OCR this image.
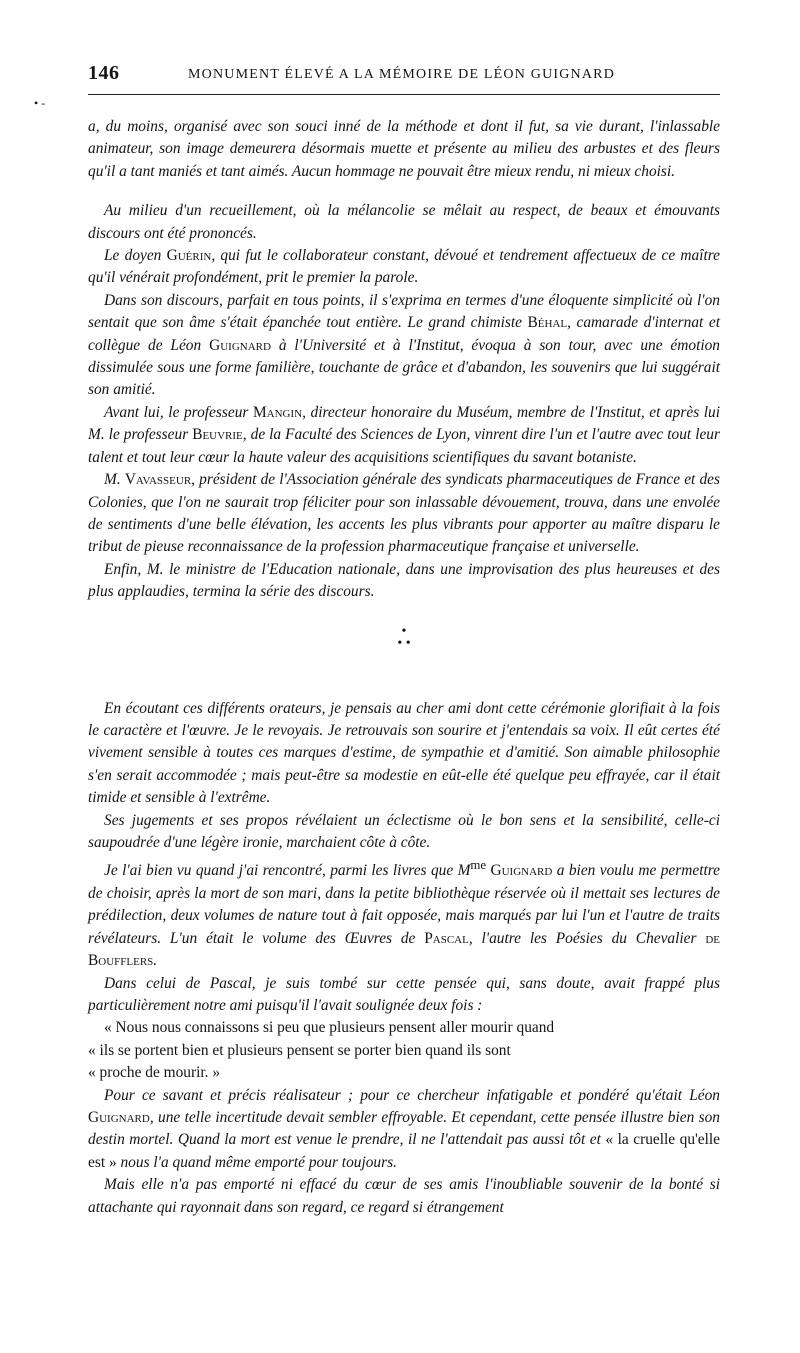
146	MONUMENT ÉLEVÉ A LA MÉMOIRE DE LÉON GUIGNARD
• -

a, du moins, organisé avec son souci inné de la méthode et dont il fut, sa vie durant, l'inlassable animateur, son image demeurera désormais muette et présente au milieu des arbustes et des fleurs qu'il a tant maniés et tant aimés. Aucun hommage ne pouvait être mieux rendu, ni mieux choisi.

Au milieu d'un recueillement, où la mélancolie se mêlait au respect, de beaux et émouvants discours ont été prononcés.

Le doyen Guérin, qui fut le collaborateur constant, dévoué et tendrement affectueux de ce maître qu'il vénérait profondément, prit le premier la parole.

Dans son discours, parfait en tous points, il s'exprima en termes d'une éloquente simplicité où l'on sentait que son âme s'était épanchée tout entière. Le grand chimiste Béhal, camarade d'internat et collègue de Léon Guignard à l'Université et à l'Institut, évoqua à son tour, avec une émotion dissimulée sous une forme familière, touchante de grâce et d'abandon, les souvenirs que lui suggérait son amitié.

Avant lui, le professeur Mangin, directeur honoraire du Muséum, membre de l'Institut, et après lui M. le professeur Beuvrie, de la Faculté des Sciences de Lyon, vinrent dire l'un et l'autre avec tout leur talent et tout leur cœur la haute valeur des acquisitions scientifiques du savant botaniste.

M. Vavasseur, président de l'Association générale des syndicats pharmaceutiques de France et des Colonies, que l'on ne saurait trop féliciter pour son inlassable dévouement, trouva, dans une envolée de sentiments d'une belle élévation, les accents les plus vibrants pour apporter au maître disparu le tribut de pieuse reconnaissance de la profession pharmaceutique française et universelle.

Enfin, M. le ministre de l'Education nationale, dans une improvisation des plus heureuses et des plus applaudies, termina la série des discours.

•
• •

En écoutant ces différents orateurs, je pensais au cher ami dont cette cérémonie glorifiait à la fois le caractère et l'œuvre. Je le revoyais. Je retrouvais son sourire et j'entendais sa voix. Il eût certes été vivement sensible à toutes ces marques d'estime, de sympathie et d'amitié. Son aimable philosophie s'en serait accommodée ; mais peut-être sa modestie en eût-elle été quelque peu effrayée, car il était timide et sensible à l'extrême.

Ses jugements et ses propos révélaient un éclectisme où le bon sens et la sensibilité, celle-ci saupoudrée d'une légère ironie, marchaient côte à côte.

Je l'ai bien vu quand j'ai rencontré, parmi les livres que $M^{me}$ Guignard a bien voulu me permettre de choisir, après la mort de son mari, dans la petite bibliothèque réservée où il mettait ses lectures de prédilection, deux volumes de nature tout à fait opposée, mais marqués par lui l'un et l'autre de traits révélateurs. L'un était le volume des Œuvres de Pascal, l'autre les Poésies du Chevalier de Boufflers.

Dans celui de Pascal, je suis tombé sur cette pensée qui, sans doute, avait frappé plus particulièrement notre ami puisqu'il l'avait soulignée deux fois :

« Nous nous connaissons si peu que plusieurs pensent aller mourir quand

« ils se portent bien et plusieurs pensent se porter bien quand ils sont

« proche de mourir. »

Pour ce savant et précis réalisateur ; pour ce chercheur infatigable et pondéré qu'était Léon Guignard, une telle incertitude devait sembler effroyable. Et cependant, cette pensée illustre bien son destin mortel. Quand la mort est venue le prendre, il ne l'attendait pas aussi tôt et « la cruelle qu'elle est » nous l'a quand même emporté pour toujours.

Mais elle n'a pas emporté ni effacé du cœur de ses amis l'inoubliable souvenir de la bonté si attachante qui rayonnait dans son regard, ce regard si étrangement
